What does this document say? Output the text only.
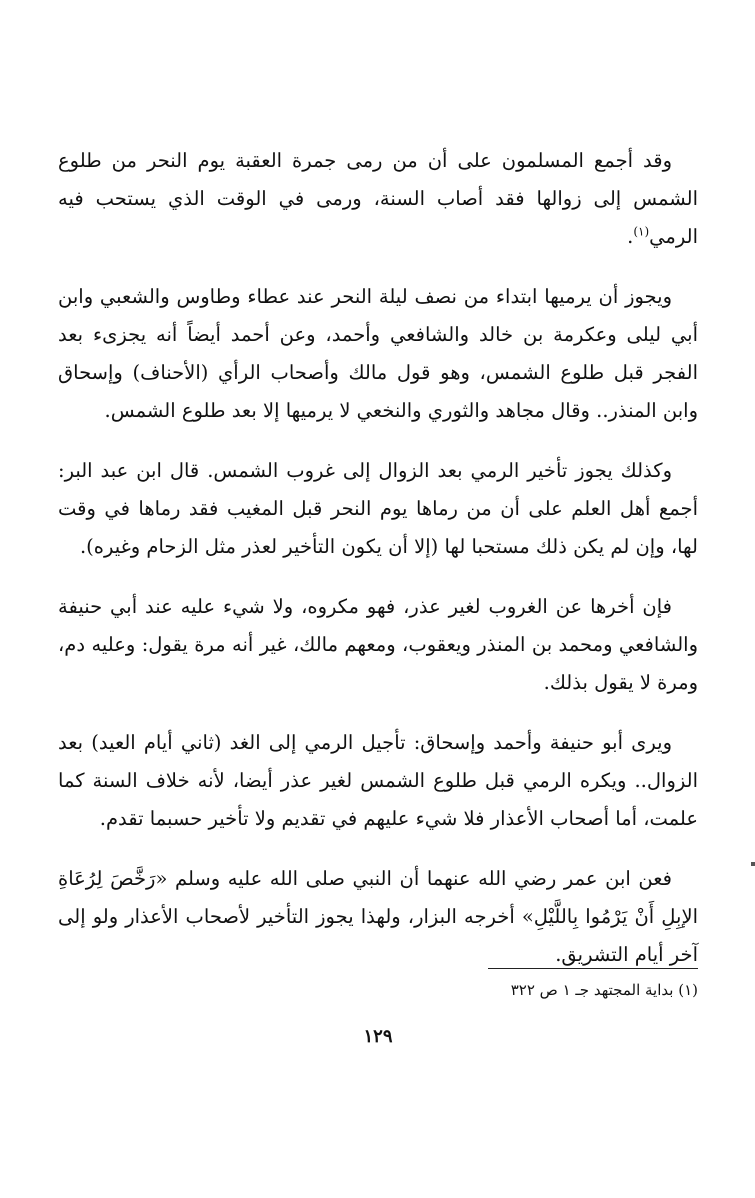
وقد أجمع المسلمون على أن من رمى جمرة العقبة يوم النحر من طلوع الشمس إلى زوالها فقد أصاب السنة، ورمى في الوقت الذي يستحب فيه الرمي$^{(١)}$.

ويجوز أن يرميها ابتداء من نصف ليلة النحر عند عطاء وطاوس والشعبي وابن أبي ليلى وعكرمة بن خالد والشافعي وأحمد، وعن أحمد أيضاً أنه يجزىء بعد الفجر قبل طلوع الشمس، وهو قول مالك وأصحاب الرأي (الأحناف) وإسحاق وابن المنذر.. وقال مجاهد والثوري والنخعي لا يرميها إلا بعد طلوع الشمس.

وكذلك يجوز تأخير الرمي بعد الزوال إلى غروب الشمس. قال ابن عبد البر: أجمع أهل العلم على أن من رماها يوم النحر قبل المغيب فقد رماها في وقت لها، وإن لم يكن ذلك مستحبا لها (إلا أن يكون التأخير لعذر مثل الزحام وغيره).

فإن أخرها عن الغروب لغير عذر، فهو مكروه، ولا شيء عليه عند أبي حنيفة والشافعي ومحمد بن المنذر ويعقوب، ومعهم مالك، غير أنه مرة يقول: وعليه دم، ومرة لا يقول بذلك.

ويرى أبو حنيفة وأحمد وإسحاق: تأجيل الرمي إلى الغد (ثاني أيام العيد) بعد الزوال.. ويكره الرمي قبل طلوع الشمس لغير عذر أيضا، لأنه خلاف السنة كما علمت، أما أصحاب الأعذار فلا شيء عليهم في تقديم ولا تأخير حسبما تقدم.

فعن ابن عمر رضي الله عنهما أن النبي صلى الله عليه وسلم «رَخَّصَ لِرُعَاةِ الإبِلِ أَنْ يَرْمُوا بِاللَّيْلِ» أخرجه البزار، ولهذا يجوز التأخير لأصحاب الأعذار ولو إلى آخر أيام التشريق.

(١) بداية المجتهد جـ ١ ص ٣٢٢
١٢٩
